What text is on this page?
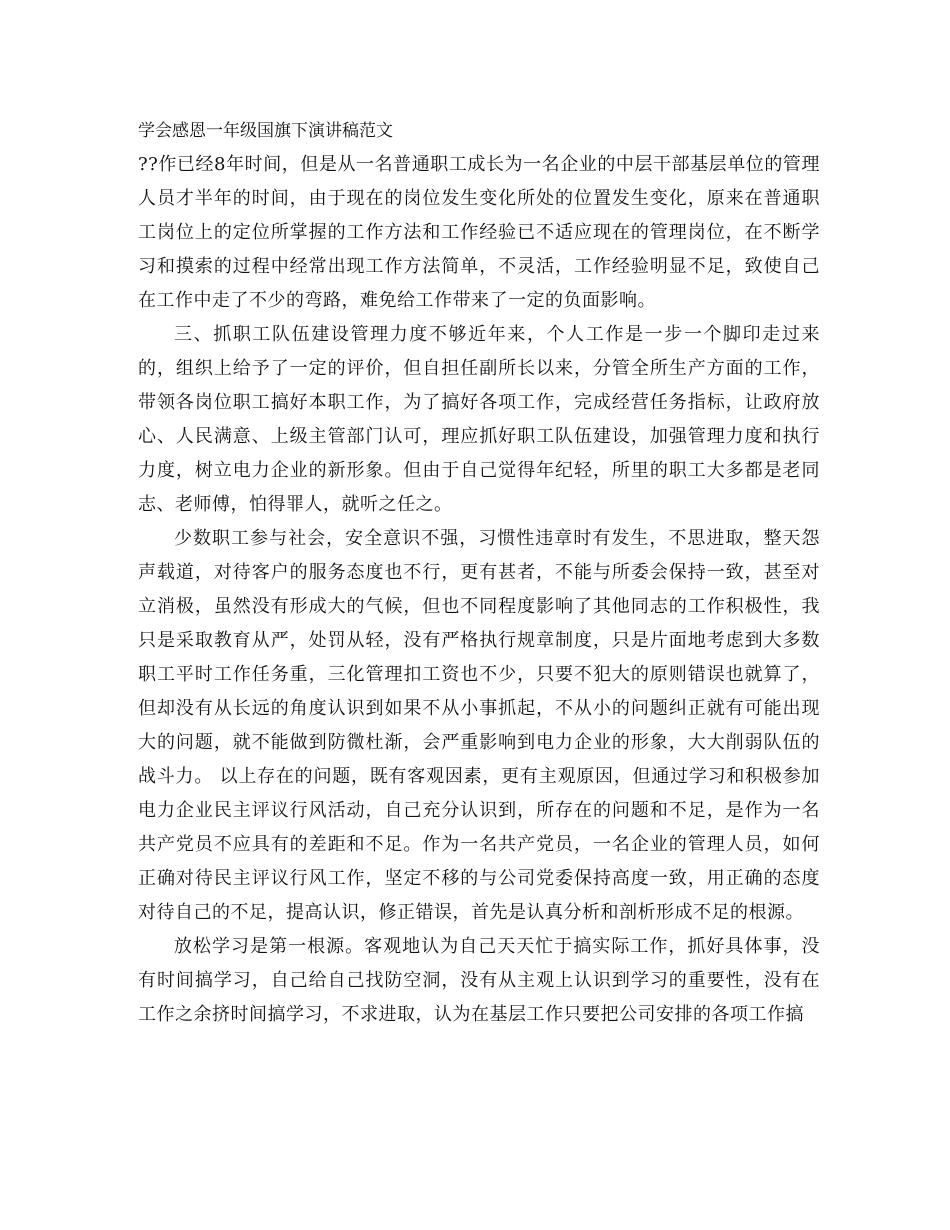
学会感恩一年级国旗下演讲稿范文

??作已经8年时间，但是从一名普通职工成长为一名企业的中层干部基层单位的管理人员才半年的时间，由于现在的岗位发生变化所处的位置发生变化，原来在普通职工岗位上的定位所掌握的工作方法和工作经验已不适应现在的管理岗位，在不断学习和摸索的过程中经常出现工作方法简单，不灵活，工作经验明显不足，致使自己在工作中走了不少的弯路，难免给工作带来了一定的负面影响。

三、抓职工队伍建设管理力度不够近年来，个人工作是一步一个脚印走过来的，组织上给予了一定的评价，但自担任副所长以来，分管全所生产方面的工作，带领各岗位职工搞好本职工作，为了搞好各项工作，完成经营任务指标，让政府放心、人民满意、上级主管部门认可，理应抓好职工队伍建设，加强管理力度和执行力度，树立电力企业的新形象。但由于自己觉得年纪轻，所里的职工大多都是老同志、老师傅，怕得罪人，就听之任之。

少数职工参与社会，安全意识不强，习惯性违章时有发生，不思进取，整天怨声载道，对待客户的服务态度也不行，更有甚者，不能与所委会保持一致，甚至对立消极，虽然没有形成大的气候，但也不同程度影响了其他同志的工作积极性，我只是采取教育从严，处罚从轻，没有严格执行规章制度，只是片面地考虑到大多数职工平时工作任务重，三化管理扣工资也不少，只要不犯大的原则错误也就算了，但却没有从长远的角度认识到如果不从小事抓起，不从小的问题纠正就有可能出现大的问题，就不能做到防微杜渐，会严重影响到电力企业的形象，大大削弱队伍的战斗力。 以上存在的问题，既有客观因素，更有主观原因，但通过学习和积极参加电力企业民主评议行风活动，自己充分认识到，所存在的问题和不足，是作为一名共产党员不应具有的差距和不足。作为一名共产党员，一名企业的管理人员，如何正确对待民主评议行风工作，坚定不移的与公司党委保持高度一致，用正确的态度对待自己的不足，提高认识，修正错误，首先是认真分析和剖析形成不足的根源。

放松学习是第一根源。客观地认为自己天天忙于搞实际工作，抓好具体事，没有时间搞学习，自己给自己找防空洞，没有从主观上认识到学习的重要性，没有在工作之余挤时间搞学习，不求进取，认为在基层工作只要把公司安排的各项工作搞
